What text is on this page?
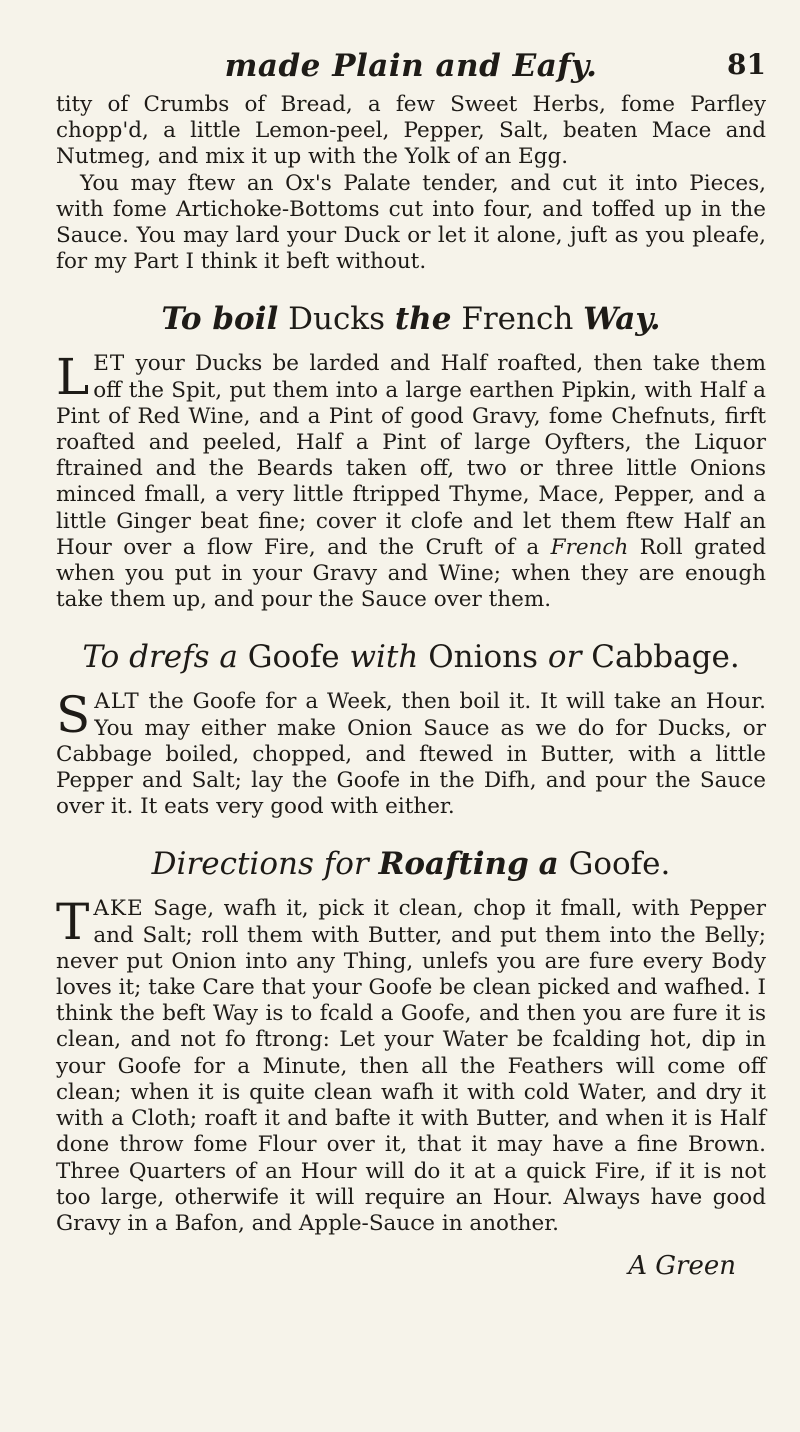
made Plain and Eafy.	81

tity of Crumbs of Bread, a few Sweet Herbs, fome Parfley chopp'd, a little Lemon-peel, Pepper, Salt, beaten Mace and Nutmeg, and mix it up with the Yolk of an Egg.

You may ftew an Ox's Palate tender, and cut it into Pieces, with fome Artichoke-Bottoms cut into four, and toffed up in the Sauce. You may lard your Duck or let it alone, juft as you pleafe, for my Part I think it beft without.

To boil Ducks the French Way.

LET your Ducks be larded and Half roafted, then take them off the Spit, put them into a large earthen Pipkin, with Half a Pint of Red Wine, and a Pint of good Gravy, fome Chefnuts, firft roafted and peeled, Half a Pint of large Oyfters, the Liquor ftrained and the Beards taken off, two or three little Onions minced fmall, a very little ftripped Thyme, Mace, Pepper, and a little Ginger beat fine; cover it clofe and let them ftew Half an Hour over a flow Fire, and the Cruft of a French Roll grated when you put in your Gravy and Wine; when they are enough take them up, and pour the Sauce over them.

To drefs a Goofe with Onions or Cabbage.

SALT the Goofe for a Week, then boil it. It will take an Hour. You may either make Onion Sauce as we do for Ducks, or Cabbage boiled, chopped, and ftewed in Butter, with a little Pepper and Salt; lay the Goofe in the Difh, and pour the Sauce over it. It eats very good with either.

Directions for Roafting a Goofe.

TAKE Sage, wafh it, pick it clean, chop it fmall, with Pepper and Salt; roll them with Butter, and put them into the Belly; never put Onion into any Thing, unlefs you are fure every Body loves it; take Care that your Goofe be clean picked and wafhed. I think the beft Way is to fcald a Goofe, and then you are fure it is clean, and not fo ftrong: Let your Water be fcalding hot, dip in your Goofe for a Minute, then all the Feathers will come off clean; when it is quite clean wafh it with cold Water, and dry it with a Cloth; roaft it and bafte it with Butter, and when it is Half done throw fome Flour over it, that it may have a fine Brown. Three Quarters of an Hour will do it at a quick Fire, if it is not too large, otherwife it will require an Hour. Always have good Gravy in a Bafon, and Apple-Sauce in another.

A Green
